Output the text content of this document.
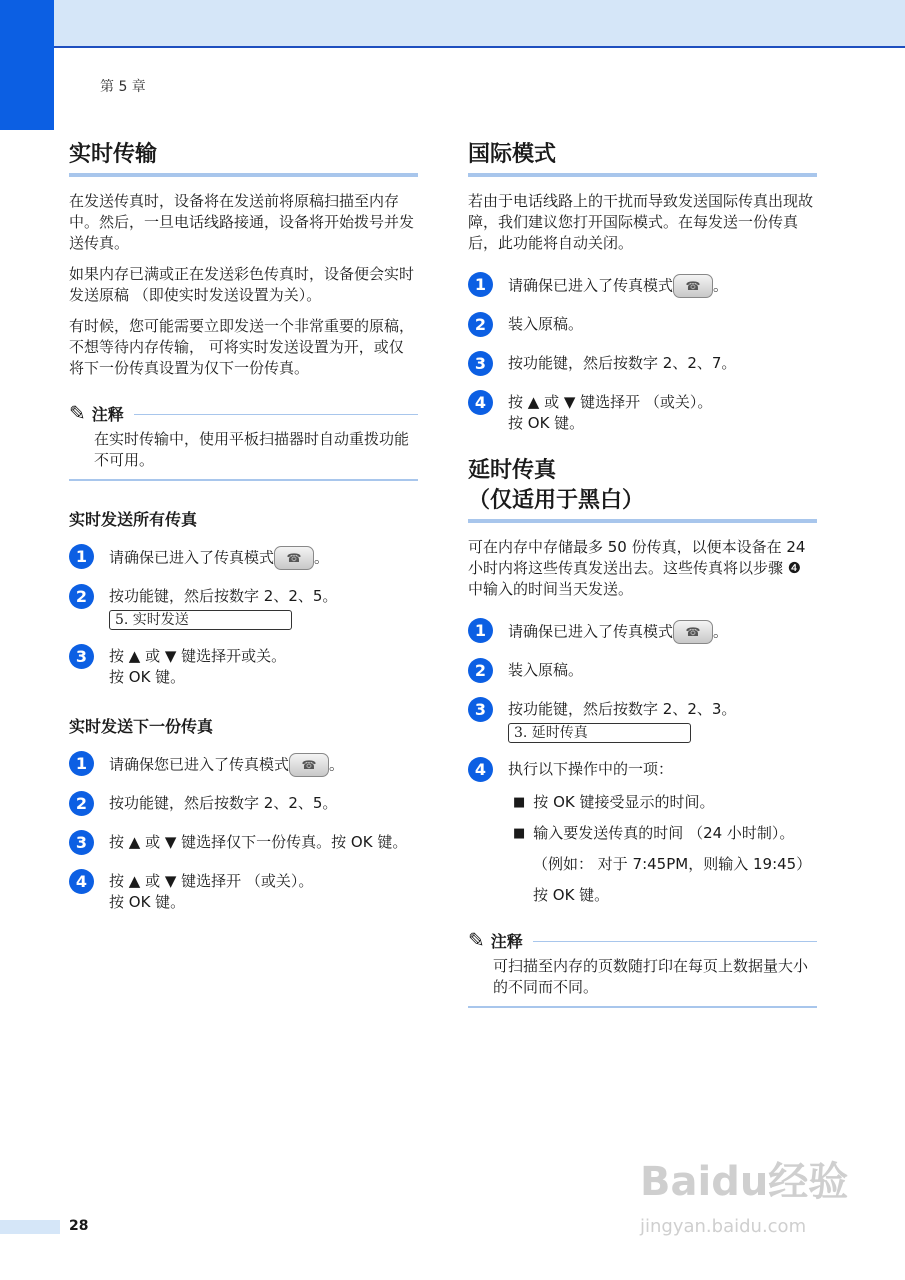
第 5 章
实时传输

在发送传真时，设备将在发送前将原稿扫描至内存中。然后，一旦电话线路接通，设备将开始拨号并发送传真。

如果内存已满或正在发送彩色传真时，设备便会实时发送原稿 （即使实时发送设置为关）。

有时候，您可能需要立即发送一个非常重要的原稿，不想等待内存传输， 可将实时发送设置为开，或仅将下一份传真设置为仅下一份传真。

✎ 注释
在实时传输中，使用平板扫描器时自动重拨功能不可用。
实时发送所有传真
1	请确保已进入了传真模式 ☎ 。
2	按功能键，然后按数字 2、2、5。
5. 实时发送
3	按 ▲ 或 ▼ 键选择开或关。
按 OK 键。
实时发送下一份传真
1	请确保您已进入了传真模式 ☎ 。
2	按功能键，然后按数字 2、2、5。
3	按 ▲ 或 ▼ 键选择仅下一份传真。按 OK 键。
4	按 ▲ 或 ▼ 键选择开 （或关）。
按 OK 键。
国际模式

若由于电话线路上的干扰而导致发送国际传真出现故障，我们建议您打开国际模式。在每发送一份传真后，此功能将自动关闭。

1	请确保已进入了传真模式 ☎ 。
2	装入原稿。
3	按功能键，然后按数字 2、2、7。
4	按 ▲ 或 ▼ 键选择开 （或关）。
按 OK 键。
延时传真
（仅适用于黑白）

可在内存中存储最多 50 份传真，以便本设备在 24 小时内将这些传真发送出去。这些传真将以步骤 ❹ 中输入的时间当天发送。

1	请确保已进入了传真模式 ☎ 。
2	装入原稿。
3	按功能键，然后按数字 2、2、3。
3. 延时传真
4	执行以下操作中的一项：
■ 按 OK 键接受显示的时间。
■ 输入要发送传真的时间 （24 小时制）。
（例如： 对于 7:45PM，则输入 19:45）
按 OK 键。
✎ 注释
可扫描至内存的页数随打印在每页上数据量大小的不同而不同。
28
Baidu经验
jingyan.baidu.com
